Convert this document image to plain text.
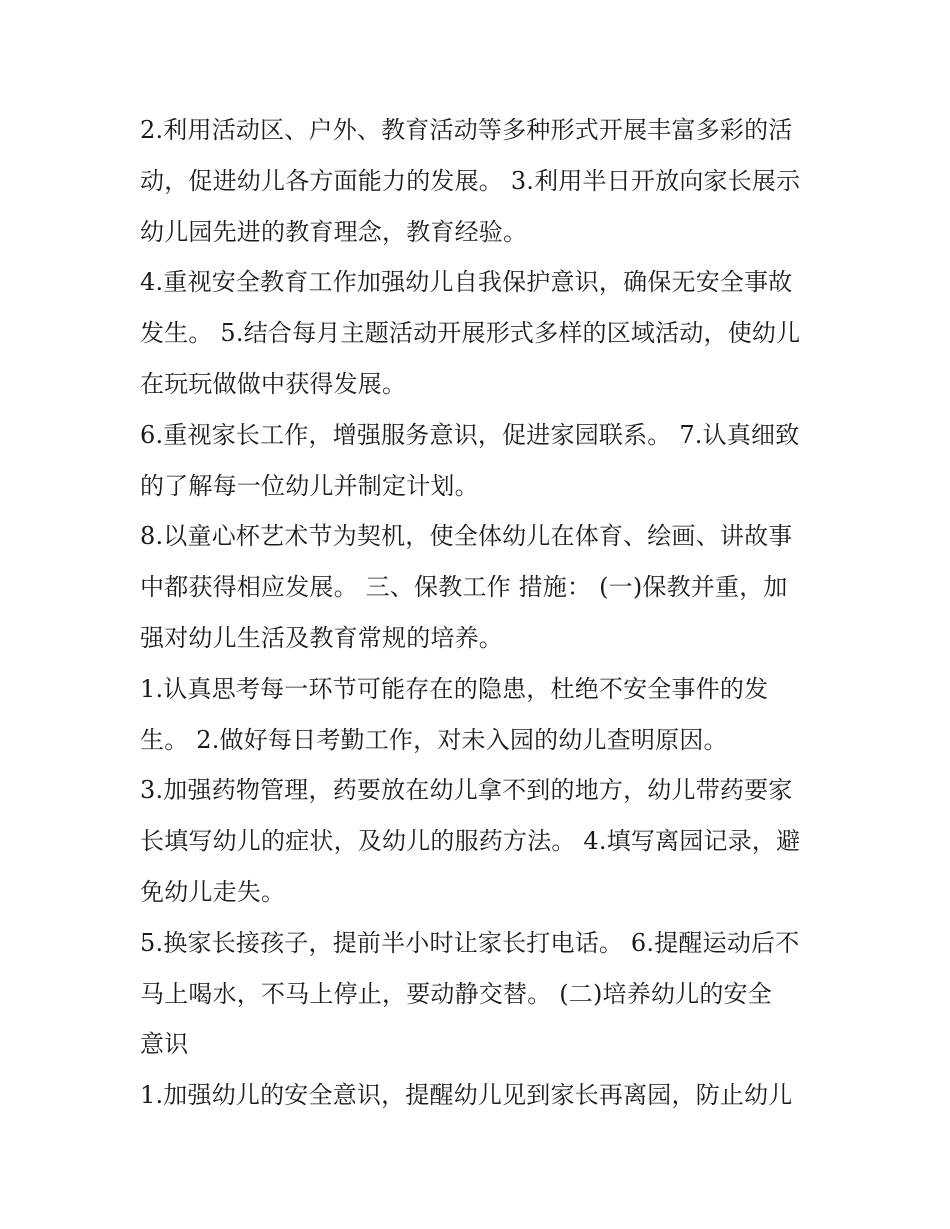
2.利用活动区、户外、教育活动等多种形式开展丰富多彩的活
动，促进幼儿各方面能力的发展。 3.利用半日开放向家长展示
幼儿园先进的教育理念，教育经验。
4.重视安全教育工作加强幼儿自我保护意识，确保无安全事故
发生。 5.结合每月主题活动开展形式多样的区域活动，使幼儿
在玩玩做做中获得发展。
6.重视家长工作，增强服务意识，促进家园联系。 7.认真细致
的了解每一位幼儿并制定计划。
8.以童心杯艺术节为契机，使全体幼儿在体育、绘画、讲故事
中都获得相应发展。 三、保教工作 措施： (一)保教并重，加
强对幼儿生活及教育常规的培养。
1.认真思考每一环节可能存在的隐患，杜绝不安全事件的发
生。 2.做好每日考勤工作，对未入园的幼儿查明原因。
3.加强药物管理，药要放在幼儿拿不到的地方，幼儿带药要家
长填写幼儿的症状，及幼儿的服药方法。 4.填写离园记录，避
免幼儿走失。
5.换家长接孩子，提前半小时让家长打电话。 6.提醒运动后不
马上喝水，不马上停止，要动静交替。 (二)培养幼儿的安全
意识
1.加强幼儿的安全意识，提醒幼儿见到家长再离园，防止幼儿
